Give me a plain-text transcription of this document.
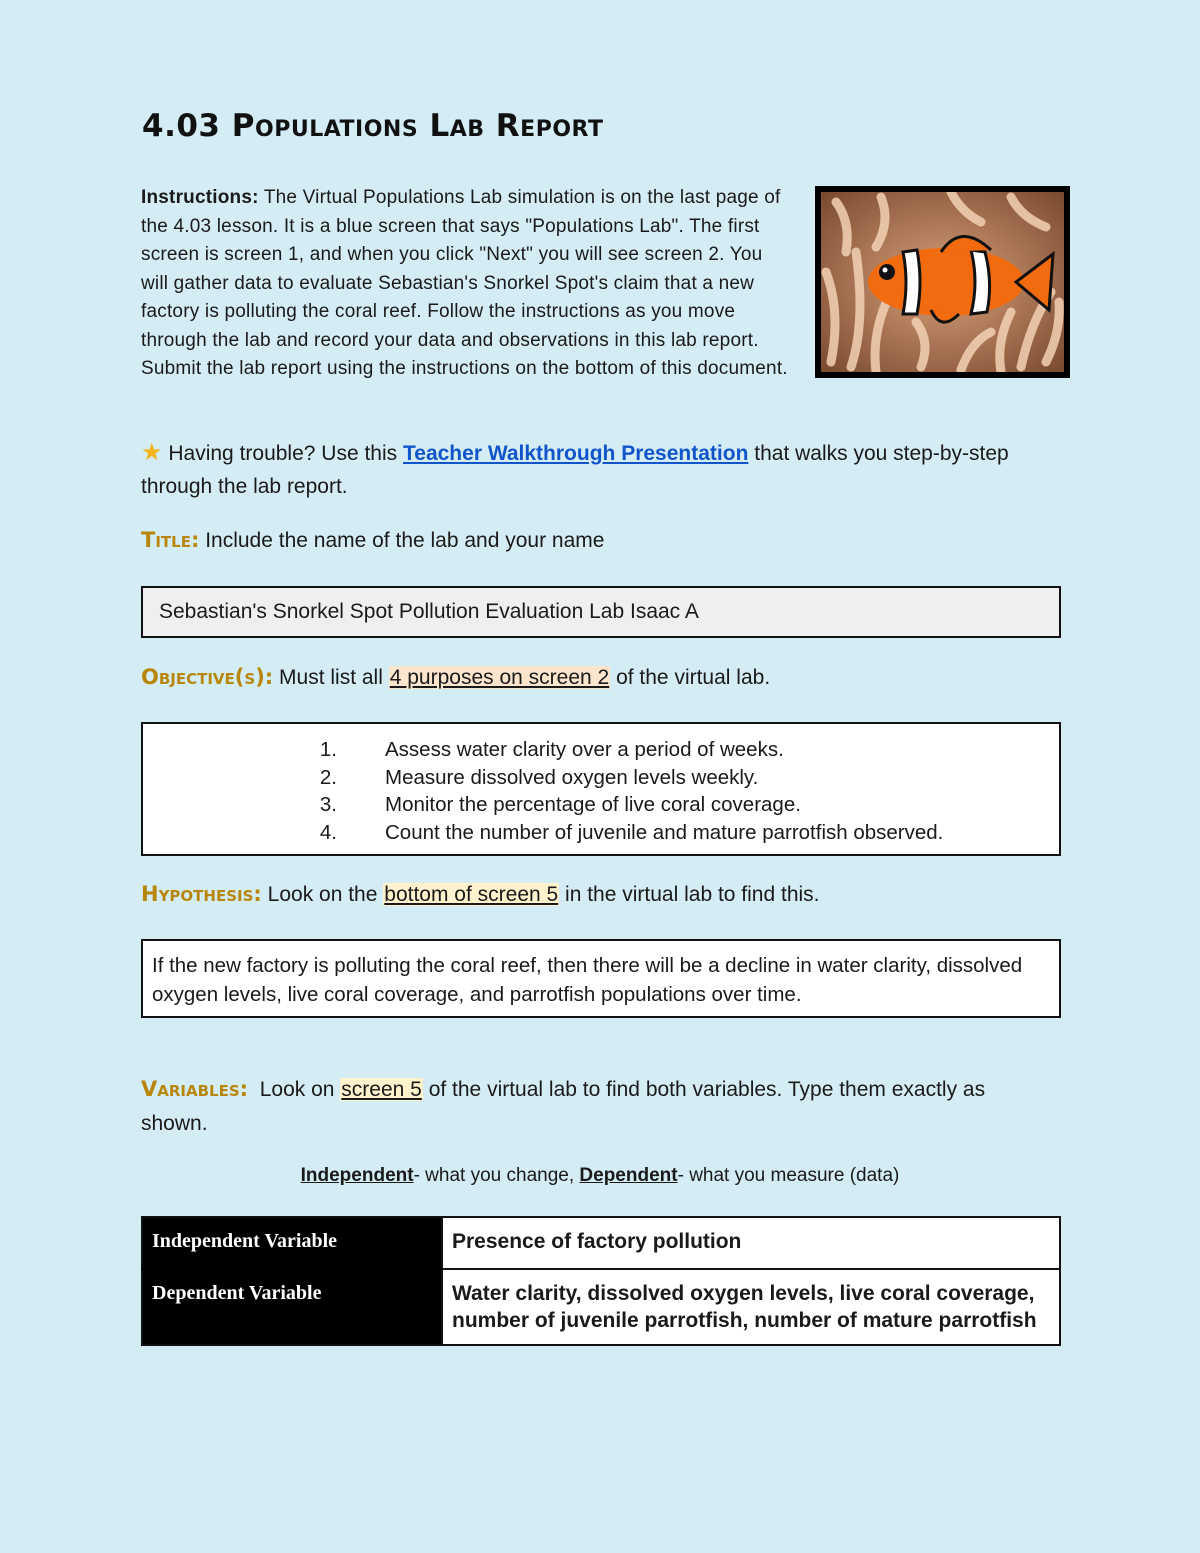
4.03 Populations Lab Report
Instructions: The Virtual Populations Lab simulation is on the last page of the 4.03 lesson. It is a blue screen that says "Populations Lab". The first screen is screen 1, and when you click "Next" you will see screen 2. You will gather data to evaluate Sebastian's Snorkel Spot's claim that a new factory is polluting the coral reef. Follow the instructions as you move through the lab and record your data and observations in this lab report. Submit the lab report using the instructions on the bottom of this document.
★ Having trouble? Use this Teacher Walkthrough Presentation that walks you step-by-step through the lab report.
Title: Include the name of the lab and your name
Sebastian's Snorkel Spot Pollution Evaluation Lab Isaac A
Objective(s): Must list all 4 purposes on screen 2 of the virtual lab.
1.	Assess water clarity over a period of weeks.
2.	Measure dissolved oxygen levels weekly.
3.	Monitor the percentage of live coral coverage.
4.	Count the number of juvenile and mature parrotfish observed.
Hypothesis: Look on the bottom of screen 5 in the virtual lab to find this.
If the new factory is polluting the coral reef, then there will be a decline in water clarity, dissolved oxygen levels, live coral coverage, and parrotfish populations over time.
Variables: Look on screen 5 of the virtual lab to find both variables. Type them exactly as shown.
Independent- what you change, Dependent- what you measure (data)
Independent Variable	Presence of factory pollution
Dependent Variable	Water clarity, dissolved oxygen levels, live coral coverage, number of juvenile parrotfish, number of mature parrotfish
